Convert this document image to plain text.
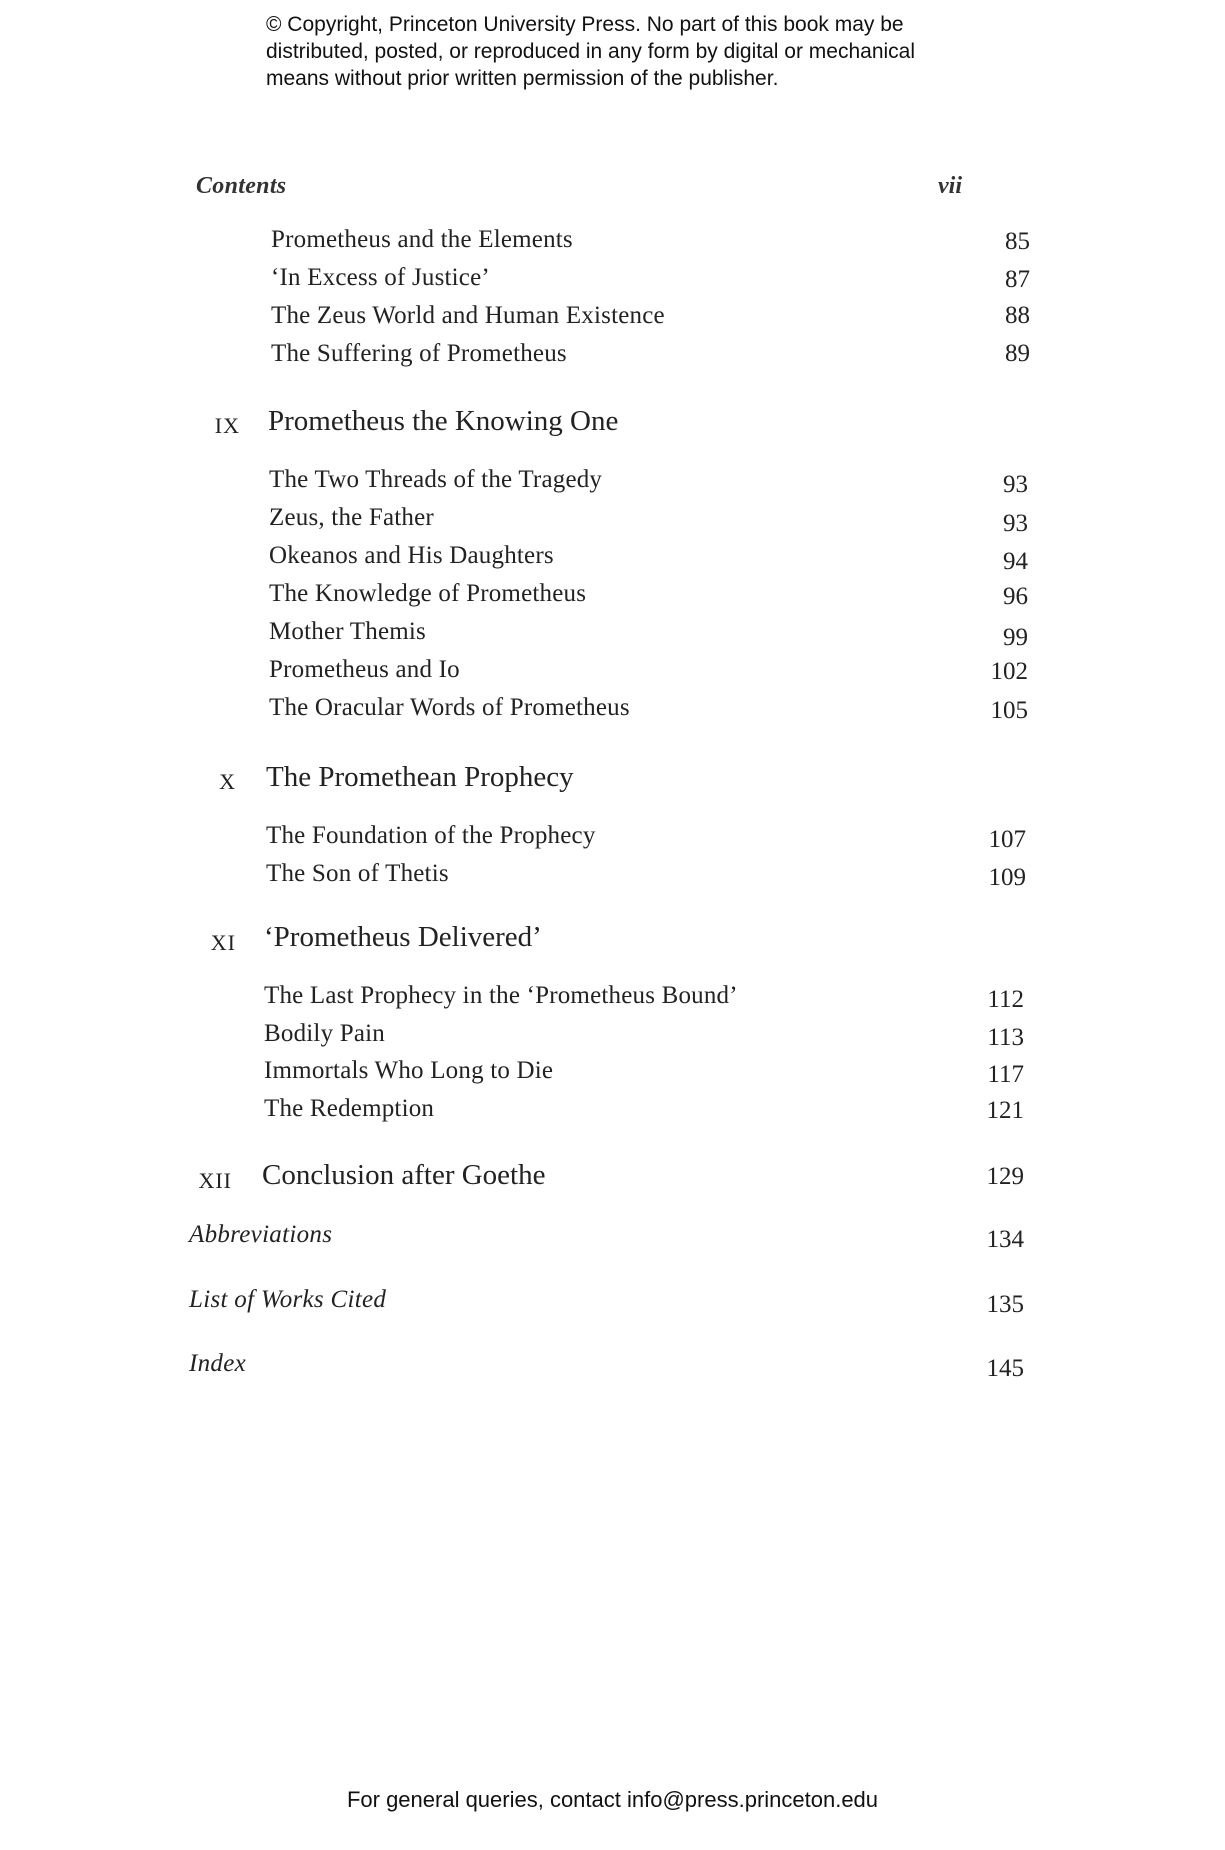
© Copyright, Princeton University Press. No part of this book may be
distributed, posted, or reproduced in any form by digital or mechanical
means without prior written permission of the publisher.
Contents	vii
Prometheus and the Elements	85
‘In Excess of Justice’	87
The Zeus World and Human Existence	88
The Suffering of Prometheus	89
IX Prometheus the Knowing One
The Two Threads of the Tragedy	93
Zeus, the Father	93
Okeanos and His Daughters	94
The Knowledge of Prometheus	96
Mother Themis	99
Prometheus and Io	102
The Oracular Words of Prometheus	105
X The Promethean Prophecy
The Foundation of the Prophecy	107
The Son of Thetis	109
XI ‘Prometheus Delivered’
The Last Prophecy in the ‘Prometheus Bound’	112
Bodily Pain	113
Immortals Who Long to Die	117
The Redemption	121
XII Conclusion after Goethe	129
Abbreviations	134
List of Works Cited	135
Index	145
For general queries, contact info@press.princeton.edu
